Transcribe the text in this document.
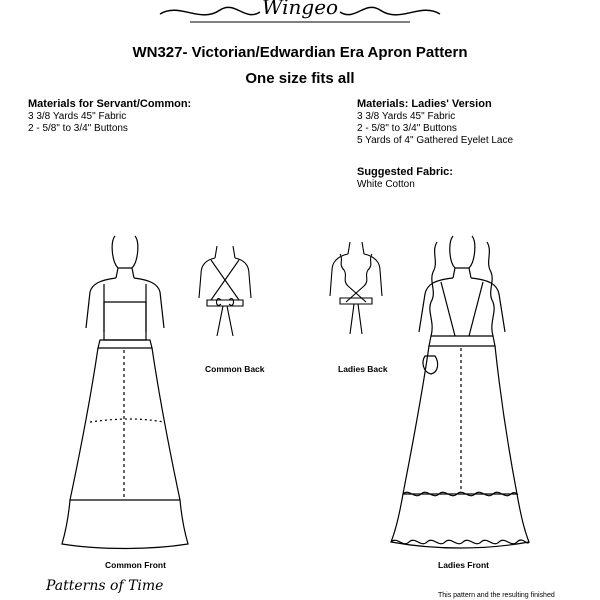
Wingeo
WN327- Victorian/Edwardian Era Apron Pattern
One size fits all
Materials for Servant/Common:
3 3/8 Yards 45" Fabric
2 - 5/8" to 3/4" Buttons
Materials: Ladies' Version
3 3/8 Yards 45" Fabric
2 - 5/8" to 3/4" Buttons
5 Yards of 4" Gathered Eyelet Lace
Suggested Fabric:
White Cotton
Common Back	Ladies Back
Common Front	Ladies Front
Patterns of Time
This pattern and the resulting finished
